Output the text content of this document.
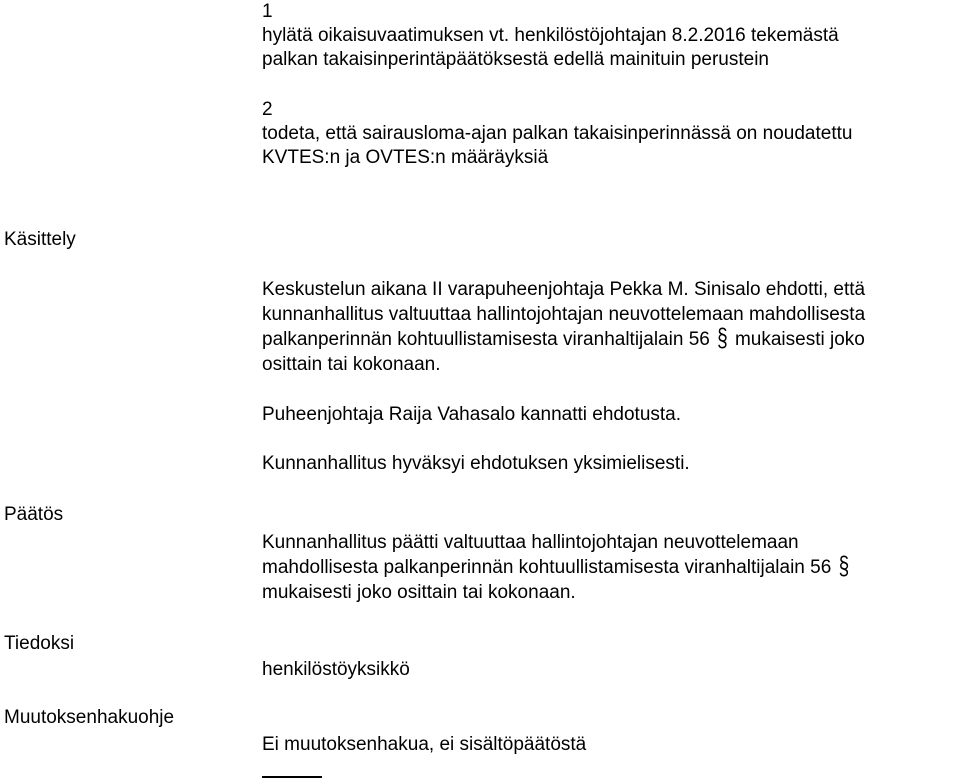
1
hylätä oikaisuvaatimuksen vt. henkilöstöjohtajan 8.2.2016 tekemästä
palkan takaisinperintäpäätöksestä edellä mainituin perustein
2
todeta, että sairausloma-ajan palkan takaisinperinnässä on noudatettu
KVTES:n ja OVTES:n määräyksiä
Käsittely
Keskustelun aikana II varapuheenjohtaja Pekka M. Sinisalo ehdotti, että
kunnanhallitus valtuuttaa hallintojohtajan neuvottelemaan mahdollisesta
palkanperinnän kohtuullistamisesta viranhaltijalain 56 § mukaisesti joko
osittain tai kokonaan.
Puheenjohtaja Raija Vahasalo kannatti ehdotusta.
Kunnanhallitus hyväksyi ehdotuksen yksimielisesti.
Päätös
Kunnanhallitus päätti valtuuttaa hallintojohtajan neuvottelemaan
mahdollisesta palkanperinnän kohtuullistamisesta viranhaltijalain 56 §
mukaisesti joko osittain tai kokonaan.
Tiedoksi
henkilöstöyksikkö
Muutoksenhakuohje
Ei muutoksenhakua, ei sisältöpäätöstä
